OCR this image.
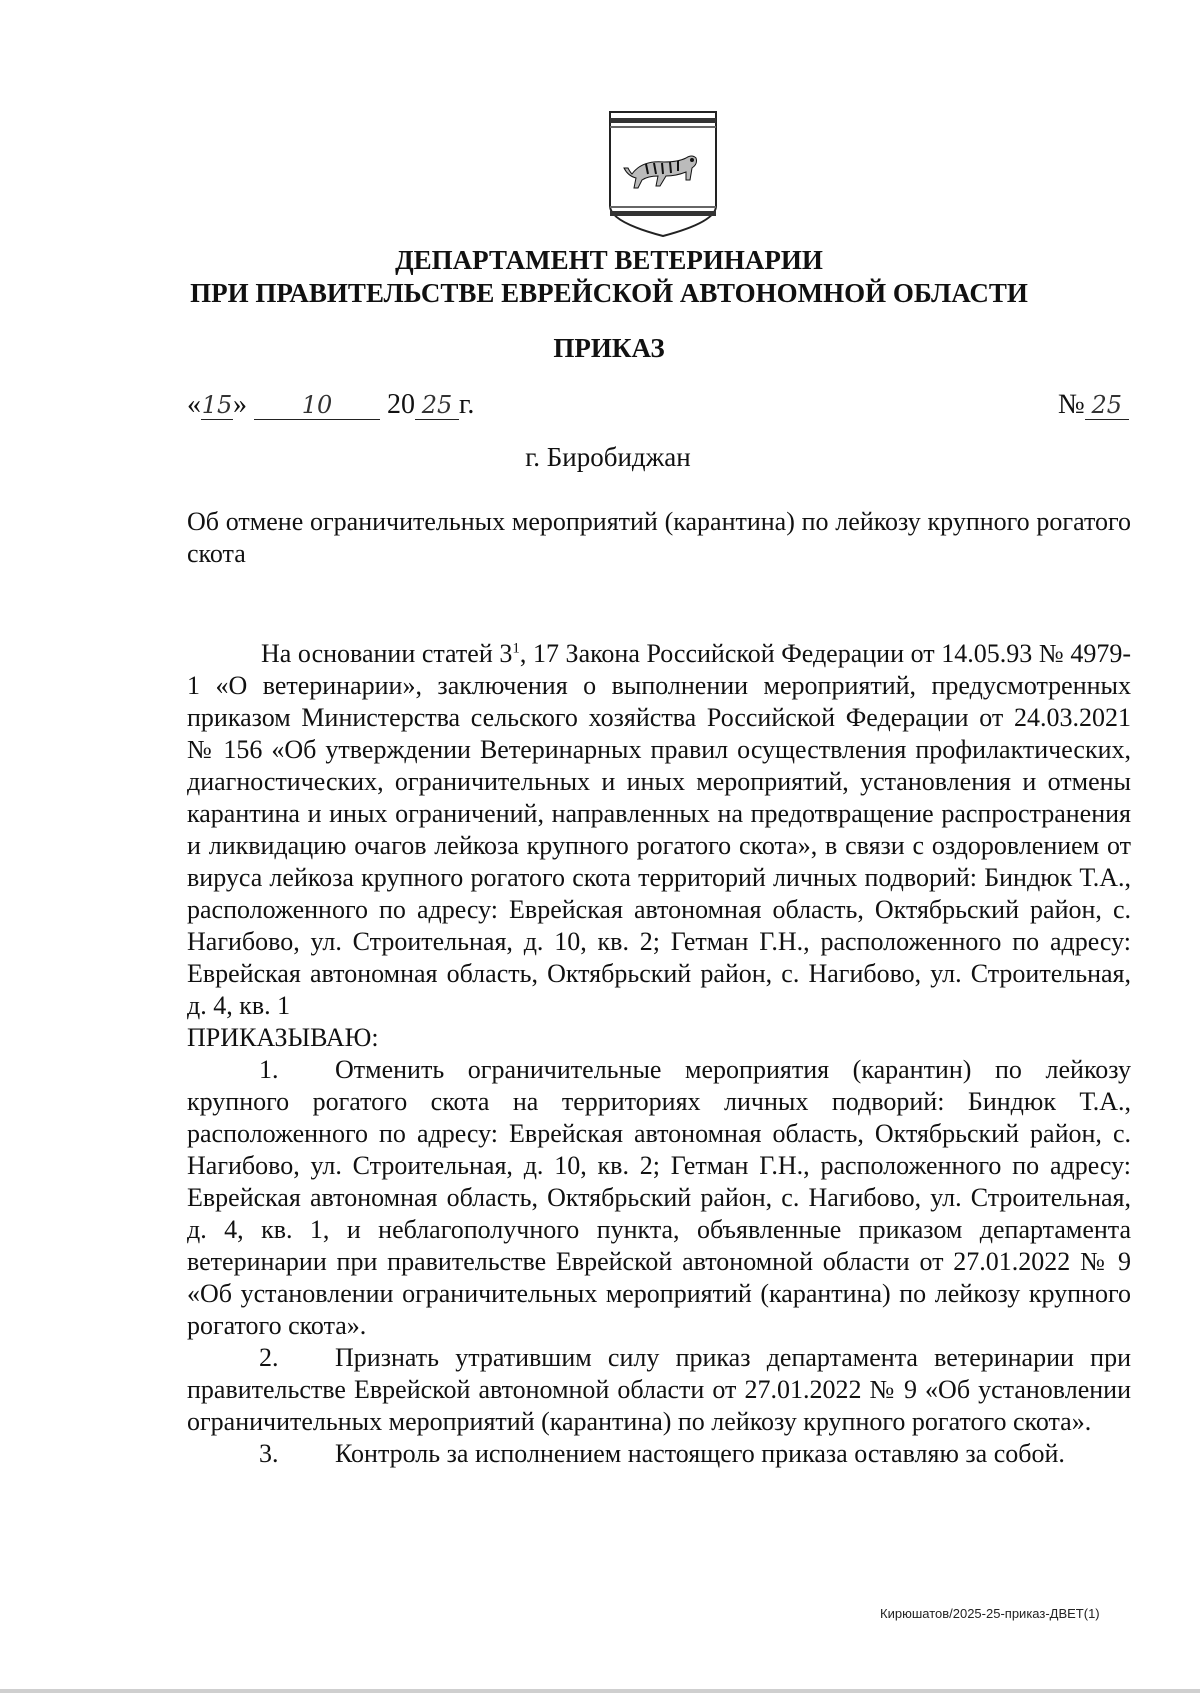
ДЕПАРТАМЕНТ ВЕТЕРИНАРИИ
ПРИ ПРАВИТЕЛЬСТВЕ ЕВРЕЙСКОЙ АВТОНОМНОЙ ОБЛАСТИ
ПРИКАЗ
«15» 10 20 25 г.	№ 25
г. Биробиджан
Об отмене ограничительных мероприятий (карантина) по лейкозу крупного рогатого скота
На основании статей $3^1$, 17 Закона Российской Федерации от 14.05.93 № 4979-1 «О ветеринарии», заключения о выполнении мероприятий, предусмотренных приказом Министерства сельского хозяйства Российской Федерации от 24.03.2021 № 156 «Об утверждении Ветеринарных правил осуществления профилактических, диагностических, ограничительных и иных мероприятий, установления и отмены карантина и иных ограничений, направленных на предотвращение распространения и ликвидацию очагов лейкоза крупного рогатого скота», в связи с оздоровлением от вируса лейкоза крупного рогатого скота территорий личных подворий: Биндюк Т.А., расположенного по адресу: Еврейская автономная область, Октябрьский район, с. Нагибово, ул. Строительная, д. 10, кв. 2; Гетман Г.Н., расположенного по адресу: Еврейская автономная область, Октябрьский район, с. Нагибово, ул. Строительная, д. 4, кв. 1
ПРИКАЗЫВАЮ:
1. Отменить ограничительные мероприятия (карантин) по лейкозу крупного рогатого скота на территориях личных подворий: Биндюк Т.А., расположенного по адресу: Еврейская автономная область, Октябрьский район, с. Нагибово, ул. Строительная, д. 10, кв. 2; Гетман Г.Н., расположенного по адресу: Еврейская автономная область, Октябрьский район, с. Нагибово, ул. Строительная, д. 4, кв. 1, и неблагополучного пункта, объявленные приказом департамента ветеринарии при правительстве Еврейской автономной области от 27.01.2022 № 9 «Об установлении ограничительных мероприятий (карантина) по лейкозу крупного рогатого скота».
2. Признать утратившим силу приказ департамента ветеринарии при правительстве Еврейской автономной области от 27.01.2022 № 9 «Об установлении ограничительных мероприятий (карантина) по лейкозу крупного рогатого скота».
3. Контроль за исполнением настоящего приказа оставляю за собой.
Кирюшатов/2025-25-приказ-ДВЕТ(1)
